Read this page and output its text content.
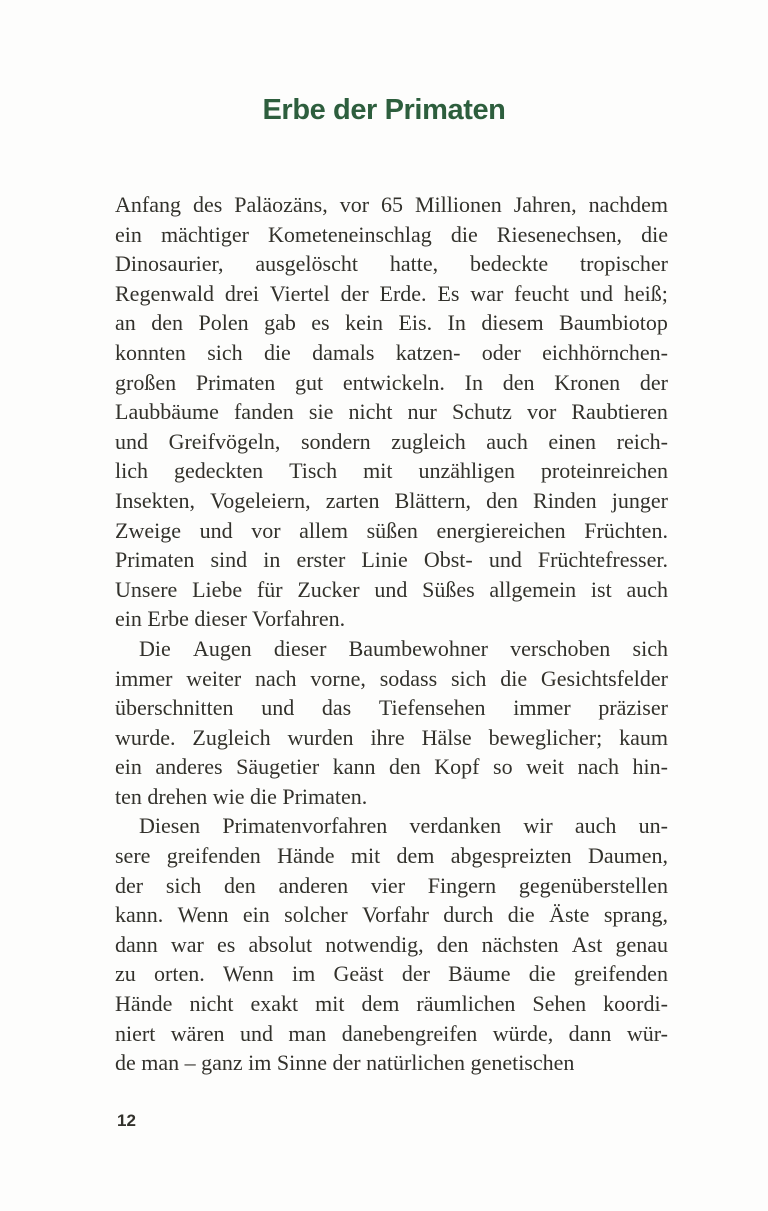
Erbe der Primaten
Anfang des Paläozäns, vor 65 Millionen Jahren, nachdem
ein mächtiger Kometeneinschlag die Riesenechsen, die
Dinosaurier, ausgelöscht hatte, bedeckte tropischer
Regenwald drei Viertel der Erde. Es war feucht und heiß;
an den Polen gab es kein Eis. In diesem Baumbiotop
konnten sich die damals katzen- oder eichhörnchen-
großen Primaten gut entwickeln. In den Kronen der
Laubbäume fanden sie nicht nur Schutz vor Raubtieren
und Greifvögeln, sondern zugleich auch einen reich-
lich gedeckten Tisch mit unzähligen proteinreichen
Insekten, Vogeleiern, zarten Blättern, den Rinden junger
Zweige und vor allem süßen energiereichen Früchten.
Primaten sind in erster Linie Obst- und Früchtefresser.
Unsere Liebe für Zucker und Süßes allgemein ist auch
ein Erbe dieser Vorfahren.
Die Augen dieser Baumbewohner verschoben sich
immer weiter nach vorne, sodass sich die Gesichtsfelder
überschnitten und das Tiefensehen immer präziser
wurde. Zugleich wurden ihre Hälse beweglicher; kaum
ein anderes Säugetier kann den Kopf so weit nach hin-
ten drehen wie die Primaten.
Diesen Primatenvorfahren verdanken wir auch un-
sere greifenden Hände mit dem abgespreizten Daumen,
der sich den anderen vier Fingern gegenüberstellen
kann. Wenn ein solcher Vorfahr durch die Äste sprang,
dann war es absolut notwendig, den nächsten Ast genau
zu orten. Wenn im Geäst der Bäume die greifenden
Hände nicht exakt mit dem räumlichen Sehen koordi-
niert wären und man danebengreifen würde, dann wür-
de man – ganz im Sinne der natürlichen genetischen
12
